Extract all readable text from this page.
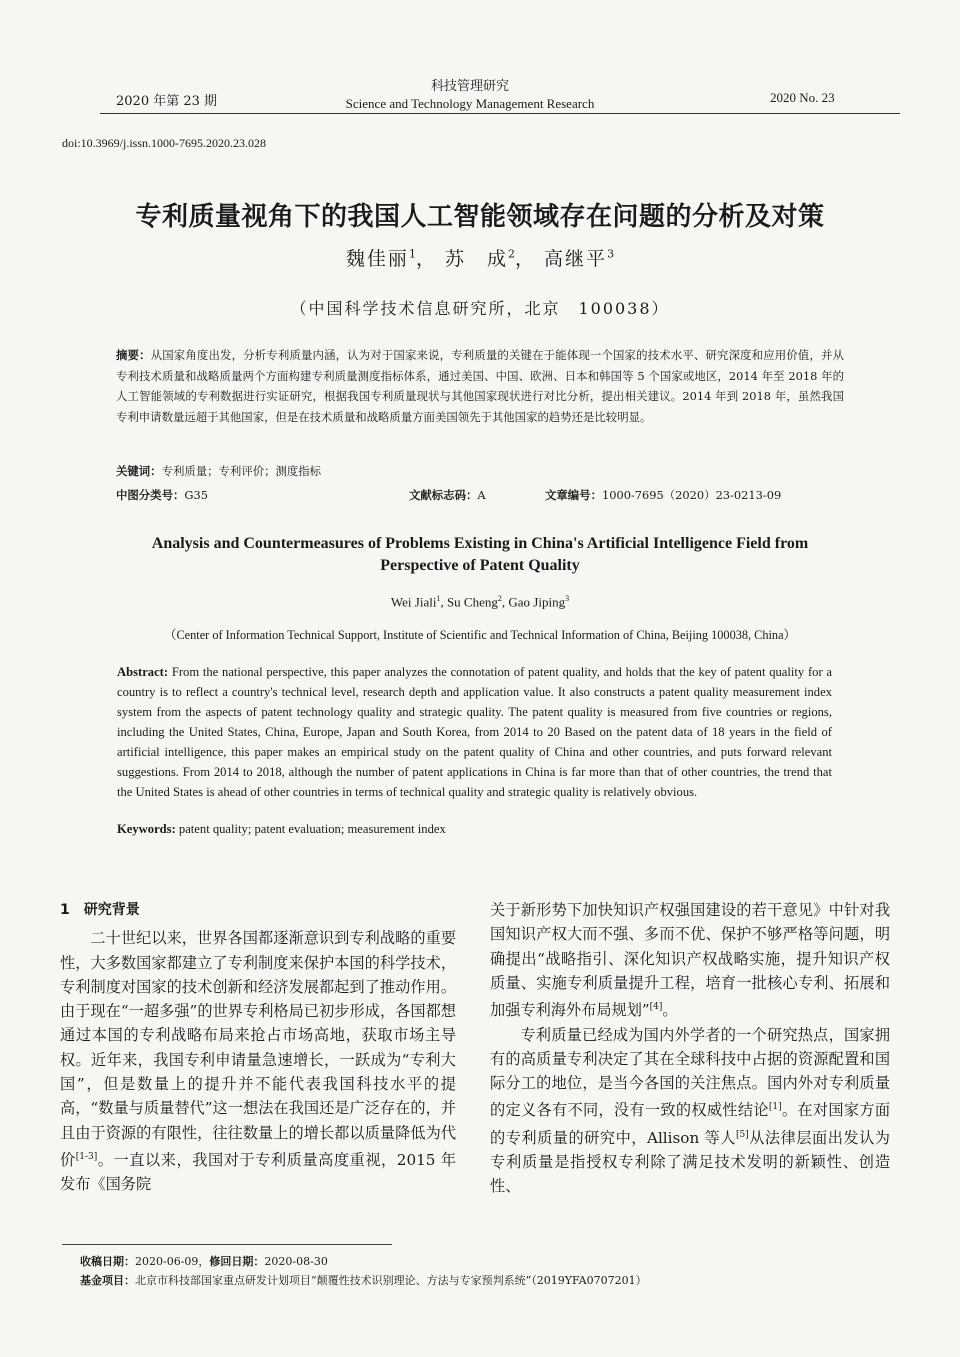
2020 年第 23 期
科技管理研究
Science and Technology Management Research	2020 No. 23
doi:10.3969/j.issn.1000-7695.2020.23.028
专利质量视角下的我国人工智能领域存在问题的分析及对策
魏佳丽$^1$， 苏　成$^2$， 高继平$^3$
（中国科学技术信息研究所，北京　100038）
摘要：从国家角度出发，分析专利质量内涵，认为对于国家来说，专利质量的关键在于能体现一个国家的技术水平、研究深度和应用价值，并从专利技术质量和战略质量两个方面构建专利质量测度指标体系，通过美国、中国、欧洲、日本和韩国等 5 个国家或地区，2014 年至 2018 年的人工智能领域的专利数据进行实证研究，根据我国专利质量现状与其他国家现状进行对比分析，提出相关建议。2014 年到 2018 年，虽然我国专利申请数量远超于其他国家，但是在技术质量和战略质量方面美国领先于其他国家的趋势还是比较明显。
关键词：专利质量；专利评价；测度指标
中图分类号：G35	文献标志码：A	文章编号：1000-7695（2020）23-0213-09
Analysis and Countermeasures of Problems Existing in China's Artificial Intelligence Field from
Perspective of Patent Quality
Wei Jiali$^1$, Su Cheng$^2$, Gao Jiping$^3$
（Center of Information Technical Support, Institute of Scientific and Technical Information of China, Beijing 100038, China）
Abstract: From the national perspective, this paper analyzes the connotation of patent quality, and holds that the key of patent quality for a country is to reflect a country's technical level, research depth and application value. It also constructs a patent quality measurement index system from the aspects of patent technology quality and strategic quality. The patent quality is measured from five countries or regions, including the United States, China, Europe, Japan and South Korea, from 2014 to 20 Based on the patent data of 18 years in the field of artificial intelligence, this paper makes an empirical study on the patent quality of China and other countries, and puts forward relevant suggestions. From 2014 to 2018, although the number of patent applications in China is far more than that of other countries, the trend that the United States is ahead of other countries in terms of technical quality and strategic quality is relatively obvious.
Keywords: patent quality; patent evaluation; measurement index
1　研究背景

二十世纪以来，世界各国都逐渐意识到专利战略的重要性，大多数国家都建立了专利制度来保护本国的科学技术，专利制度对国家的技术创新和经济发展都起到了推动作用。由于现在“一超多强”的世界专利格局已初步形成，各国都想通过本国的专利战略布局来抢占市场高地，获取市场主导权。近年来，我国专利申请量急速增长，一跃成为“专利大国”，但是数量上的提升并不能代表我国科技水平的提高，“数量与质量替代”这一想法在我国还是广泛存在的，并且由于资源的有限性，往往数量上的增长都以质量降低为代价[1-3]。一直以来，我国对于专利质量高度重视，2015 年发布《国务院

关于新形势下加快知识产权强国建设的若干意见》中针对我国知识产权大而不强、多而不优、保护不够严格等问题，明确提出“战略指引、深化知识产权战略实施，提升知识产权质量、实施专利质量提升工程，培育一批核心专利、拓展和加强专利海外布局规划”[4]。

专利质量已经成为国内外学者的一个研究热点，国家拥有的高质量专利决定了其在全球科技中占据的资源配置和国际分工的地位，是当今各国的关注焦点。国内外对专利质量的定义各有不同，没有一致的权威性结论[1]。在对国家方面的专利质量的研究中，Allison 等人[5]从法律层面出发认为专利质量是指授权专利除了满足技术发明的新颖性、创造性、

收稿日期：2020-06-09，修回日期：2020-08-30
基金项目：北京市科技部国家重点研发计划项目“颠覆性技术识别理论、方法与专家预判系统”（2019YFA0707201）
